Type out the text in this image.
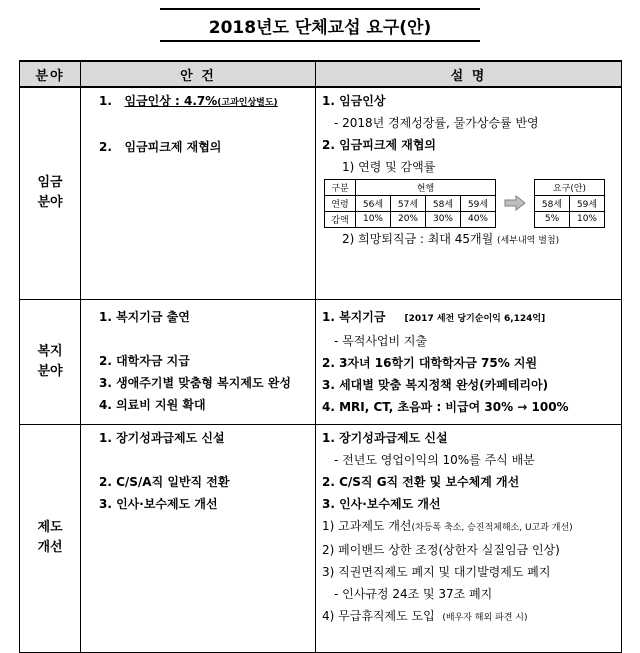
2018년도 단체교섭 요구(안)
분야	안 건	설 명

임금
분야

1. 임금인상 : 4.7%(고과인상별도)
2. 임금피크제 재협의

1. 임금인상
- 2018년 경제성장률, 물가상승률 반영
2. 임금피크제 재협의
1) 연령 및 감액률
구분	현행
연령	56세	57세	58세	59세
감액	10%	20%	30%	40%
요구(안)
58세	59세
5%	10%
2) 희망퇴직금 : 최대 45개월 (세부내역 별첨)

복지
분야

1. 복지기금 출연
2. 대학자금 지급
3. 생애주기별 맞춤형 복지제도 완성
4. 의료비 지원 확대

1. 복지기금 [2017 세전 당기순이익 6,124억]
- 목적사업비 지출
2. 3자녀 16학기 대학학자금 75% 지원
3. 세대별 맞춤 복지정책 완성(카페테리아)
4. MRI, CT, 초음파 : 비급여 30% → 100%

제도
개선

1. 장기성과급제도 신설
2. C/S/A직 일반직 전환
3. 인사·보수제도 개선

1. 장기성과급제도 신설
- 전년도 영업이익의 10%를 주식 배분
2. C/S직 G직 전환 및 보수체계 개선
3. 인사·보수제도 개선
1) 고과제도 개선(차등폭 축소, 승진적체해소, U고과 개선)
2) 페이밴드 상한 조정(상한자 실질임금 인상)
3) 직권면직제도 폐지 및 대기발령제도 폐지
- 인사규정 24조 및 37조 폐지
4) 무급휴직제도 도입 (배우자 해외 파견 시)
